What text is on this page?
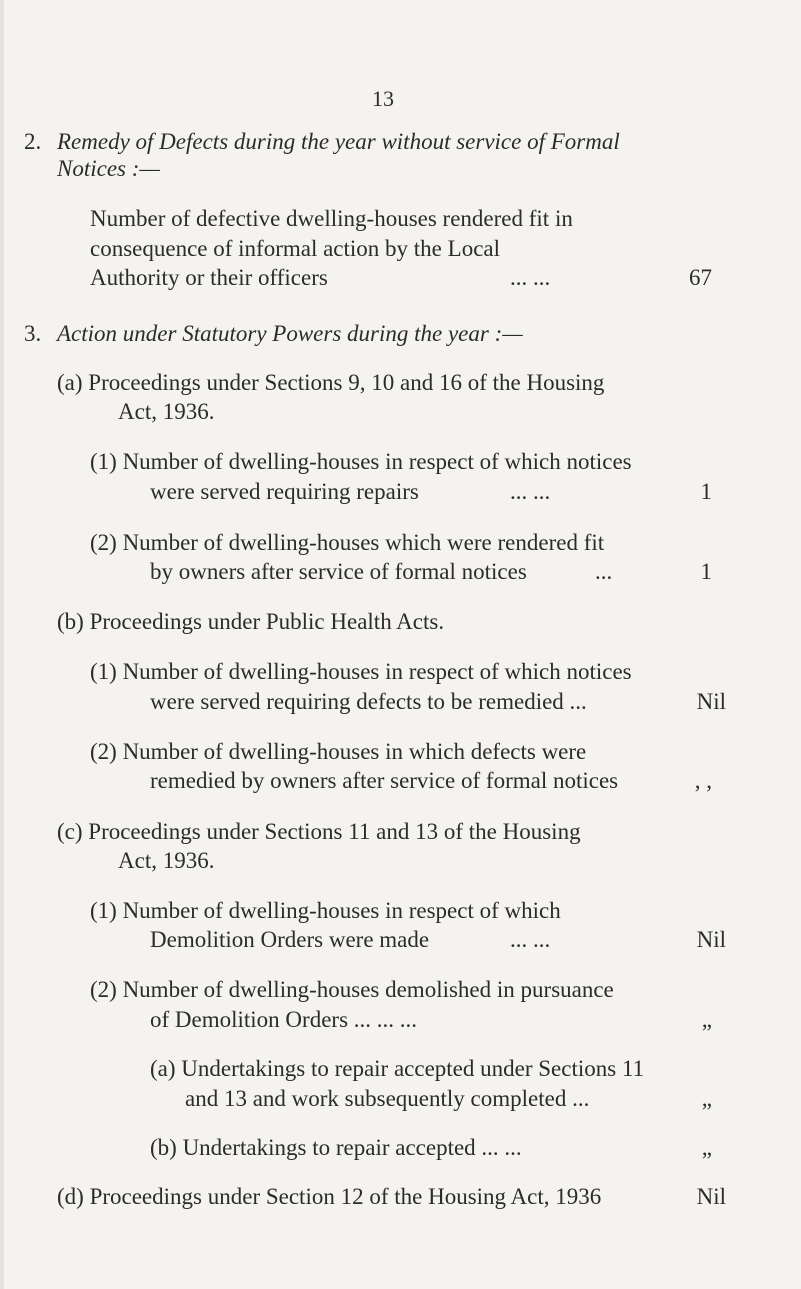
13
2. Remedy of Defects during the year without service of Formal
Notices :—
Number of defective dwelling-houses rendered fit in
consequence of informal action by the Local
Authority or their officers	... ...	67
3. Action under Statutory Powers during the year :—
(a) Proceedings under Sections 9, 10 and 16 of the Housing
Act, 1936.
(1) Number of dwelling-houses in respect of which notices
were served requiring repairs	... ...	1
(2) Number of dwelling-houses which were rendered fit
by owners after service of formal notices	...	1
(b) Proceedings under Public Health Acts.
(1) Number of dwelling-houses in respect of which notices
were served requiring defects to be remedied ...	Nil
(2) Number of dwelling-houses in which defects were
remedied by owners after service of formal notices	, ,
(c) Proceedings under Sections 11 and 13 of the Housing
Act, 1936.
(1) Number of dwelling-houses in respect of which
Demolition Orders were made	... ...	Nil
(2) Number of dwelling-houses demolished in pursuance
of Demolition Orders ... ... ...	„
(a) Undertakings to repair accepted under Sections 11
and 13 and work subsequently completed ...	„
(b) Undertakings to repair accepted ... ...	„
(d) Proceedings under Section 12 of the Housing Act, 1936	Nil
